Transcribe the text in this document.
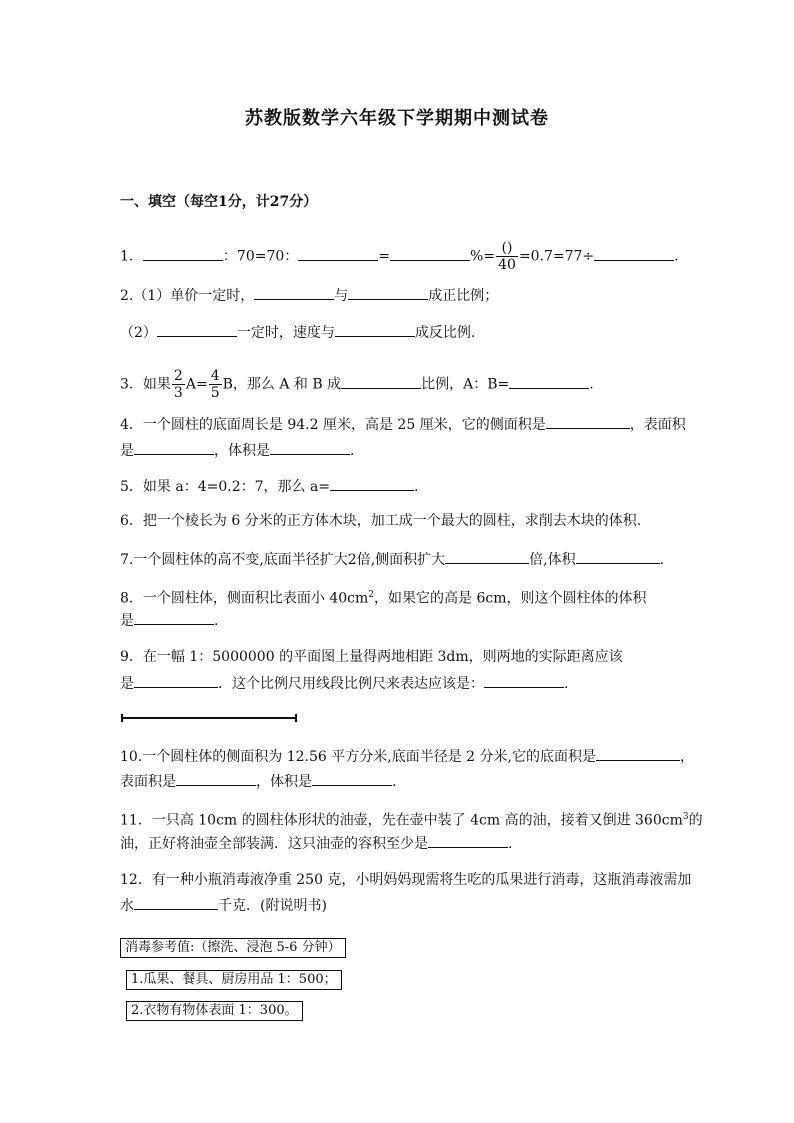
苏教版数学六年级下学期期中测试卷
一、填空（每空1分，计27分）
1．	：70=70：	=	%= $\frac{()}{40} =0.7=77\div$	.
2.（1）单价一定时，	与	成正比例；
（2）	一定时，速度与	成反比例.
3．如果 $\frac{2}{3} A= \frac{4}{5}$ B，那么 A 和 B 成	比例，A：B=	.
4．一个圆柱的底面周长是 94.2 厘米，高是 25 厘米，它的侧面积是	，表面积
是	，体积是	.
5．如果 a：4=0.2：7，那么 a=	.
6．把一个棱长为 6 分米的正方体木块，加工成一个最大的圆柱，求削去木块的体积.
7.一个圆柱体的高不变,底面半径扩大2倍,侧面积扩大	倍,体积	.
8．一个圆柱体，侧面积比表面小 $40cm^2$，如果它的高是 6cm，则这个圆柱体的体积
是	.
9．在一幅 1：5000000 的平面图上量得两地相距 3dm，则两地的实际距离应该
是	．这个比例尺用线段比例尺来表达应该是：	.
10.一个圆柱体的侧面积为 12.56 平方分米,底面半径是 2 分米,它的底面积是	，
表面积是	，体积是	.
11．一只高 10cm 的圆柱体形状的油壶，先在壶中装了 4cm 高的油，接着又倒进 $360cm^3$的
油，正好将油壶全部装满．这只油壶的容积至少是	.
12．有一种小瓶消毒液净重 250 克，小明妈妈现需将生吃的瓜果进行消毒，这瓶消毒液需加
水	千克．(附说明书)
消毒参考值:（擦洗、浸泡 5-6 分钟）
1.瓜果、餐具、厨房用品 1：500；
2.衣物有物体表面 1：300。
